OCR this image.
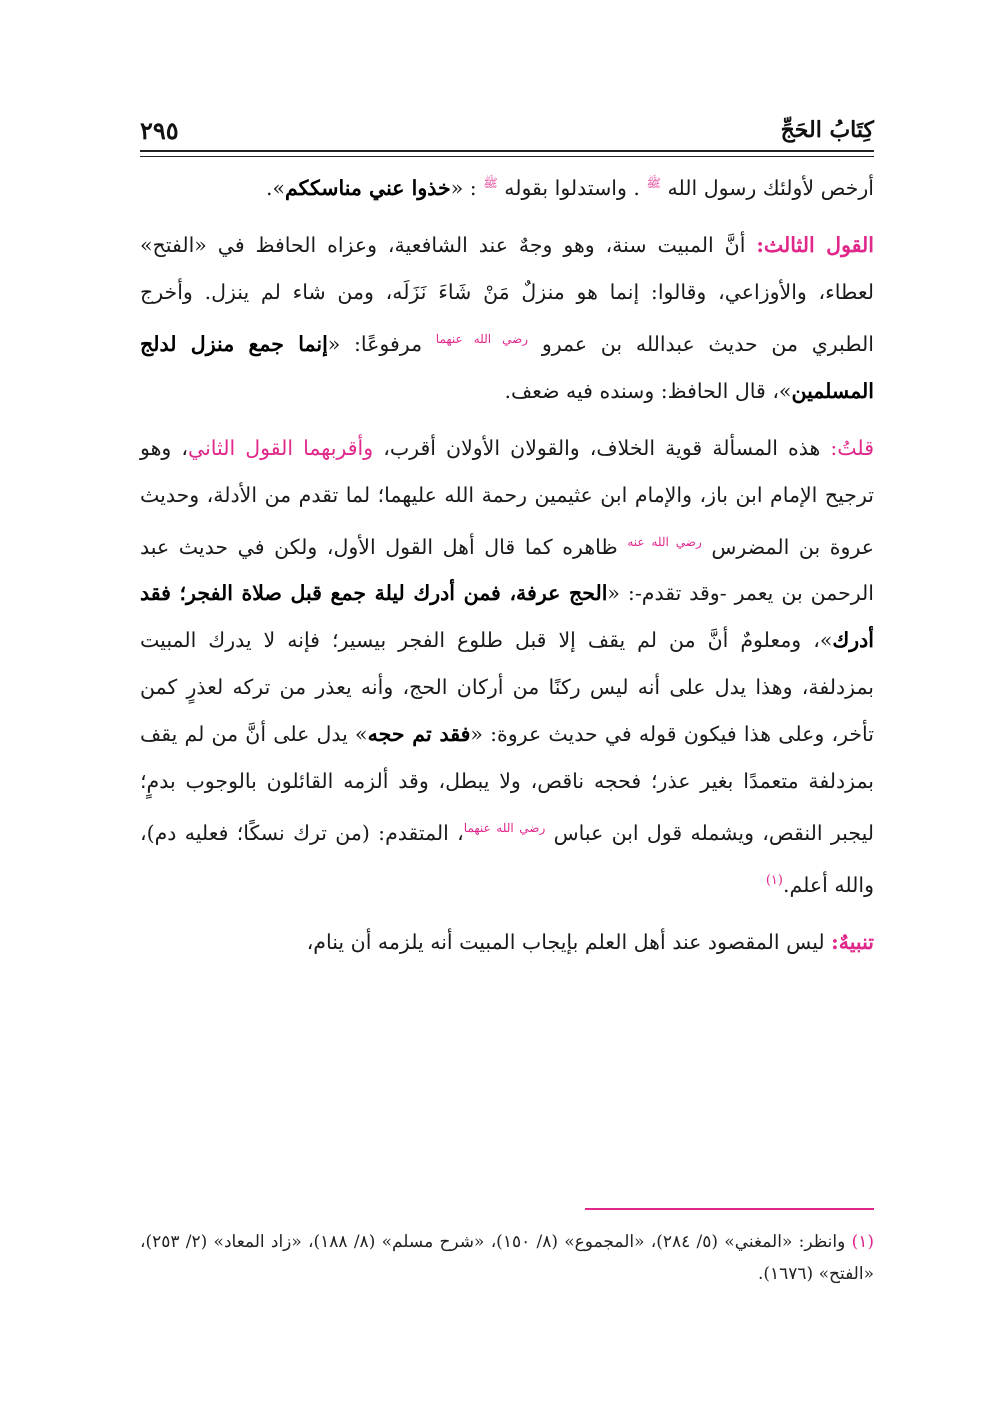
كِتَابُ الحَجِّ
٢٩٥

أرخص لأولئك رسول الله $^ﷺ$ . واستدلوا بقوله $^ﷺ$ : «خذوا عني مناسككم».

القول الثالث: أنَّ المبيت سنة، وهو وجهٌ عند الشافعية، وعزاه الحافظ في «الفتح» لعطاء، والأوزاعي، وقالوا: إنما هو منزلٌ مَنْ شَاءَ نَزَلَه، ومن شاء لم ينزل. وأخرج الطبري من حديث عبدالله بن عمرو $^{رضي الله عنهما}$ مرفوعًا: «إنما جمع منزل لدلج المسلمين»، قال الحافظ: وسنده فيه ضعف.

قلتُ: هذه المسألة قوية الخلاف، والقولان الأولان أقرب، وأقربهما القول الثاني، وهو ترجيح الإمام ابن باز، والإمام ابن عثيمين رحمة الله عليهما؛ لما تقدم من الأدلة، وحديث عروة بن المضرس $^{رضي الله عنه}$ ظاهره كما قال أهل القول الأول، ولكن في حديث عبد الرحمن بن يعمر -وقد تقدم-: «الحج عرفة، فمن أدرك ليلة جمع قبل صلاة الفجر؛ فقد أدرك»، ومعلومٌ أنَّ من لم يقف إلا قبل طلوع الفجر بيسير؛ فإنه لا يدرك المبيت بمزدلفة، وهذا يدل على أنه ليس ركنًا من أركان الحج، وأنه يعذر من تركه لعذرٍ كمن تأخر، وعلى هذا فيكون قوله في حديث عروة: «فقد تم حجه» يدل على أنَّ من لم يقف بمزدلفة متعمدًا بغير عذر؛ فحجه ناقص، ولا يبطل، وقد ألزمه القائلون بالوجوب بدمٍ؛ ليجبر النقص، ويشمله قول ابن عباس $^{رضي الله عنهما}$، المتقدم: (من ترك نسكًا؛ فعليه دم)، والله أعلم.$^{(١)}$

تنبيهٌ: ليس المقصود عند أهل العلم بإيجاب المبيت أنه يلزمه أن ينام،

(١) وانظر: «المغني» (٥/ ٢٨٤)، «المجموع» (٨/ ١٥٠)، «شرح مسلم» (٨/ ١٨٨)، «زاد المعاد» (٢/ ٢٥٣)، «الفتح» (١٦٧٦).
